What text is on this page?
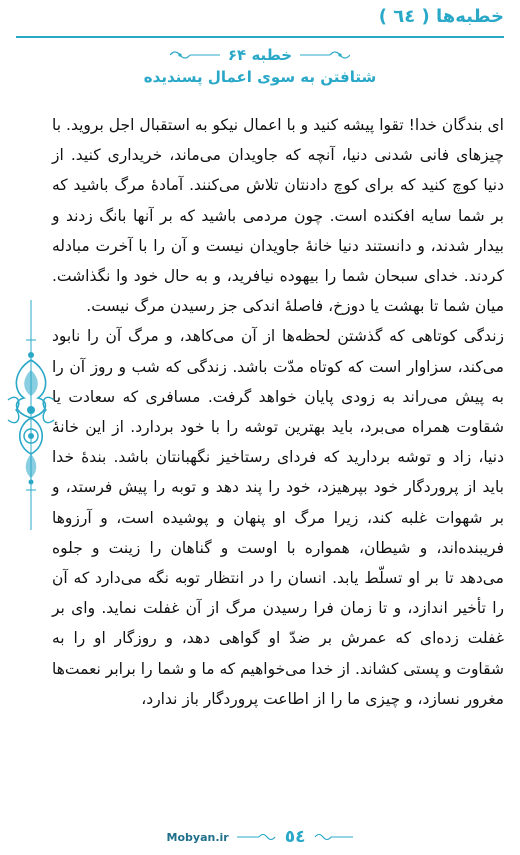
خطبه‌ها ( ٦٤ )
خطبه ۶۴
شتافتن به سوی اعمال پسندیده

ای بندگان خدا! تقوا پیشه کنید و با اعمال نیکو به استقبال اجل بروید. با چیزهای فانی شدنی دنیا، آنچه که جاویدان می‌ماند، خریداری کنید. از دنیا کوچ کنید که برای کوچ دادنتان تلاش می‌کنند. آمادۀ مرگ باشید که بر شما سایه افکنده است. چون مردمی باشید که بر آنها بانگ زدند و بیدار شدند، و دانستند دنیا خانۀ جاویدان نیست و آن را با آخرت مبادله کردند. خدای سبحان شما را بیهوده نیافرید، و به حال خود وا نگذاشت. میان شما تا بهشت یا دوزخ، فاصلۀ اندکی جز رسیدن مرگ نیست.

زندگی کوتاهی که گذشتن لحظه‌ها از آن می‌کاهد، و مرگ آن را نابود می‌کند، سزاوار است که کوتاه مدّت باشد. زندگی که شب و روز آن را به پیش می‌راند به زودی پایان خواهد گرفت. مسافری که سعادت یا شقاوت همراه می‌برد، باید بهترین توشه را با خود بردارد. از این خانۀ دنیا، زاد و توشه بردارید که فردای رستاخیز نگهبانتان باشد. بندۀ خدا باید از پروردگار خود بپرهیزد، خود را پند دهد و توبه را پیش فرستد، و بر شهوات غلبه کند، زیرا مرگ او پنهان و پوشیده است، و آرزوها فریبنده‌اند، و شیطان، همواره با اوست و گناهان را زینت و جلوه می‌دهد تا بر او تسلّط یابد. انسان را در انتظار توبه نگه می‌دارد که آن را تأخیر اندازد، و تا زمان فرا رسیدن مرگ از آن غفلت نماید. وای بر غفلت زده‌ای که عمرش بر ضدّ او گواهی دهد، و روزگار او را به شقاوت و پستی کشاند. از خدا می‌خواهیم که ما و شما را برابر نعمت‌ها مغرور نسازد، و چیزی ما را از اطاعت پروردگار باز ندارد،

Mobyan.ir	٥٤
